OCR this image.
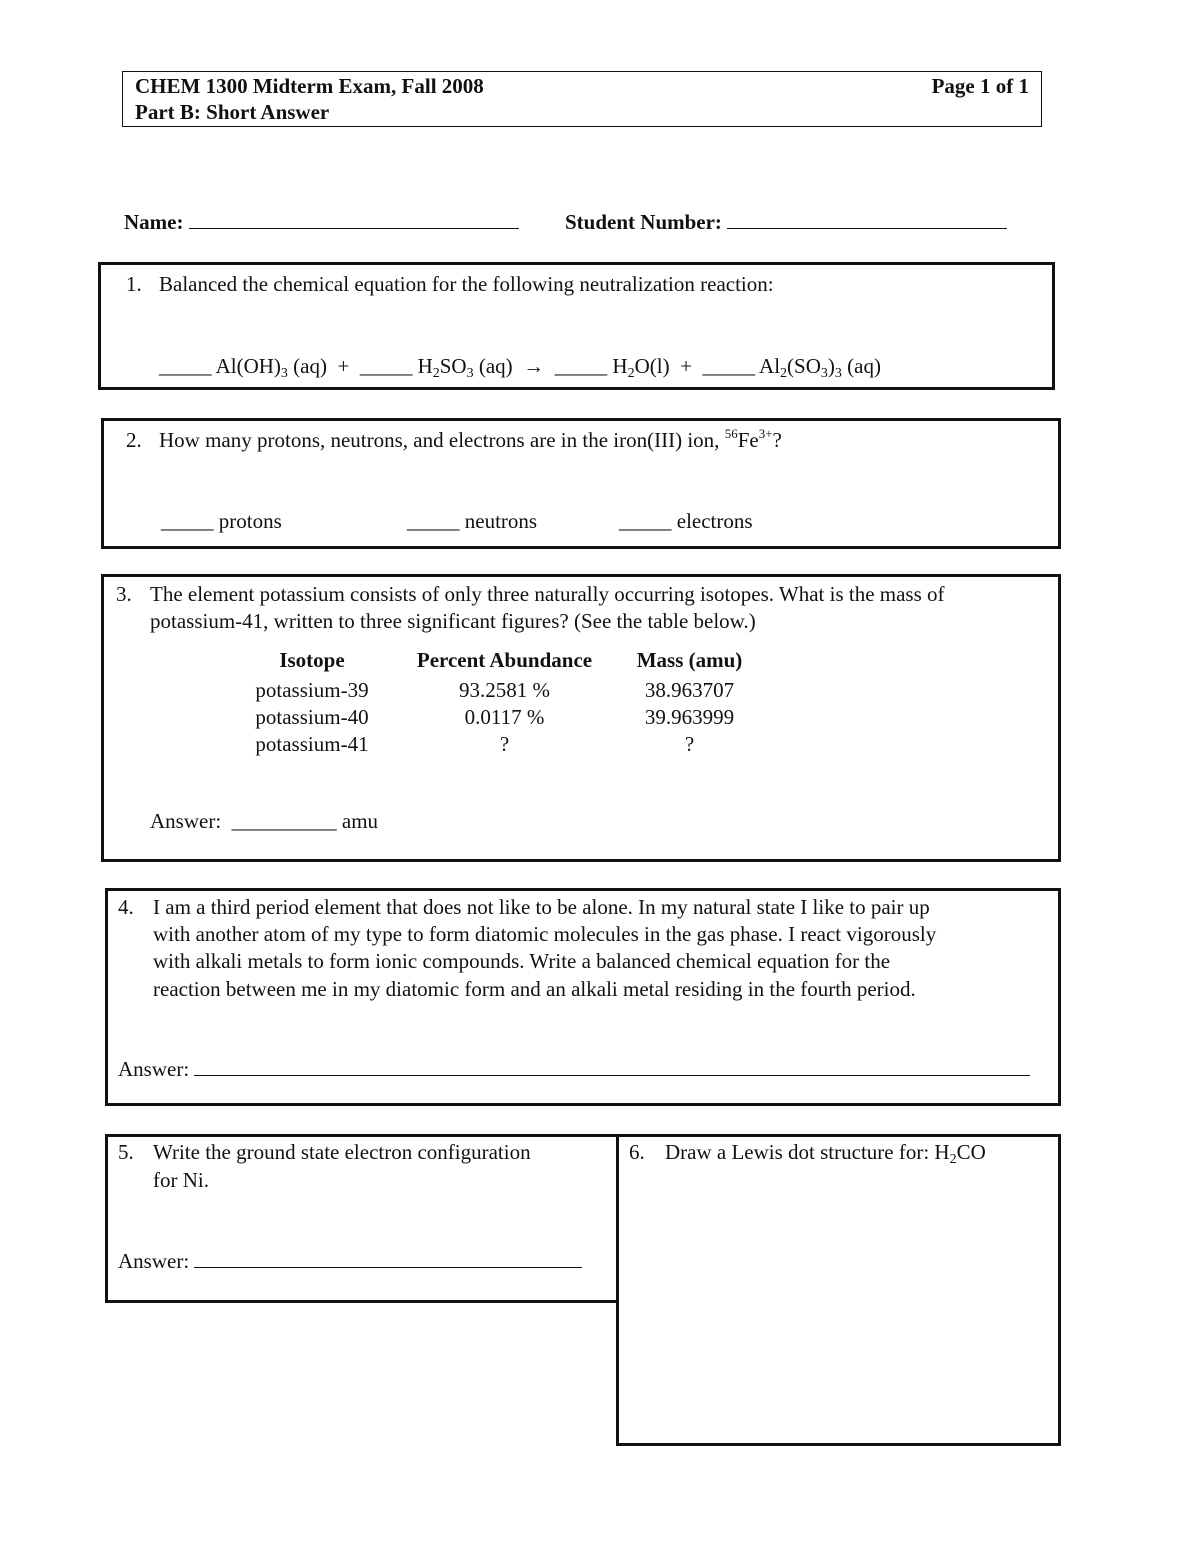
CHEM 1300 Midterm Exam, Fall 2008	Page 1 of 1
Part B: Short Answer
Name:	Student Number:
1. Balanced the chemical equation for the following neutralization reaction:
_____ $Al(OH)_3$ (aq) + _____ $H_2SO_3$ (aq) → _____ $H_2O(l)$ + _____ $Al_2(SO_3)_3$ (aq)
2. How many protons, neutrons, and electrons are in the iron(III) ion, $^{56}Fe^{3+}$?
_____ protons	_____ neutrons	_____ electrons
3. The element potassium consists of only three naturally occurring isotopes. What is the mass of
potassium-41, written to three significant figures? (See the table below.)
Isotope	Percent Abundance	Mass (amu)
potassium-39	93.2581 %	38.963707
potassium-40	0.0117 %	39.963999
potassium-41	?	?
Answer: __________ amu
4. I am a third period element that does not like to be alone. In my natural state I like to pair up
with another atom of my type to form diatomic molecules in the gas phase. I react vigorously
with alkali metals to form ionic compounds. Write a balanced chemical equation for the
reaction between me in my diatomic form and an alkali metal residing in the fourth period.
Answer:
5. Write the ground state electron configuration
for Ni.
Answer:
6. Draw a Lewis dot structure for: $H_2CO$
